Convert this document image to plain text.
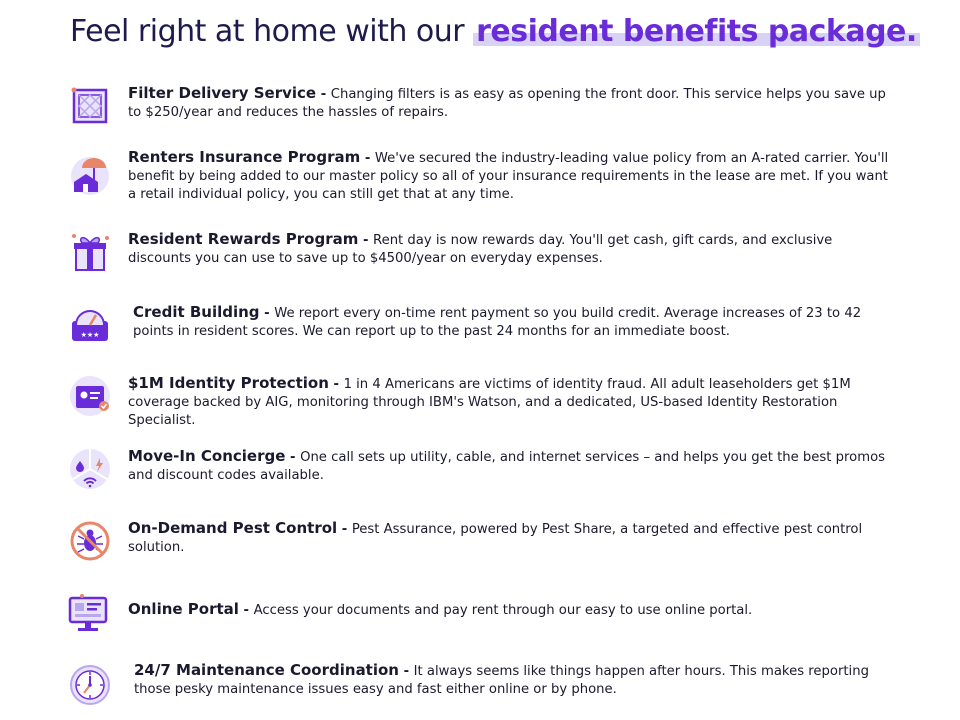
Feel right at home with our resident benefits package.
Filter Delivery Service - Changing filters is as easy as opening the front door. This service helps you save up to $250/year and reduces the hassles of repairs.
Renters Insurance Program - We've secured the industry-leading value policy from an A-rated carrier. You'll benefit by being added to our master policy so all of your insurance requirements in the lease are met. If you want a retail individual policy, you can still get that at any time.
Resident Rewards Program - Rent day is now rewards day. You'll get cash, gift cards, and exclusive discounts you can use to save up to $4500/year on everyday expenses.
★★★
Credit Building - We report every on-time rent payment so you build credit. Average increases of 23 to 42 points in resident scores. We can report up to the past 24 months for an immediate boost.
$1M Identity Protection - 1 in 4 Americans are victims of identity fraud. All adult leaseholders get $1M coverage backed by AIG, monitoring through IBM's Watson, and a dedicated, US-based Identity Restoration Specialist.
Move-In Concierge - One call sets up utility, cable, and internet services – and helps you get the best promos and discount codes available.
On-Demand Pest Control - Pest Assurance, powered by Pest Share, a targeted and effective pest control solution.
Online Portal - Access your documents and pay rent through our easy to use online portal.
24/7 Maintenance Coordination - It always seems like things happen after hours. This makes reporting those pesky maintenance issues easy and fast either online or by phone.
